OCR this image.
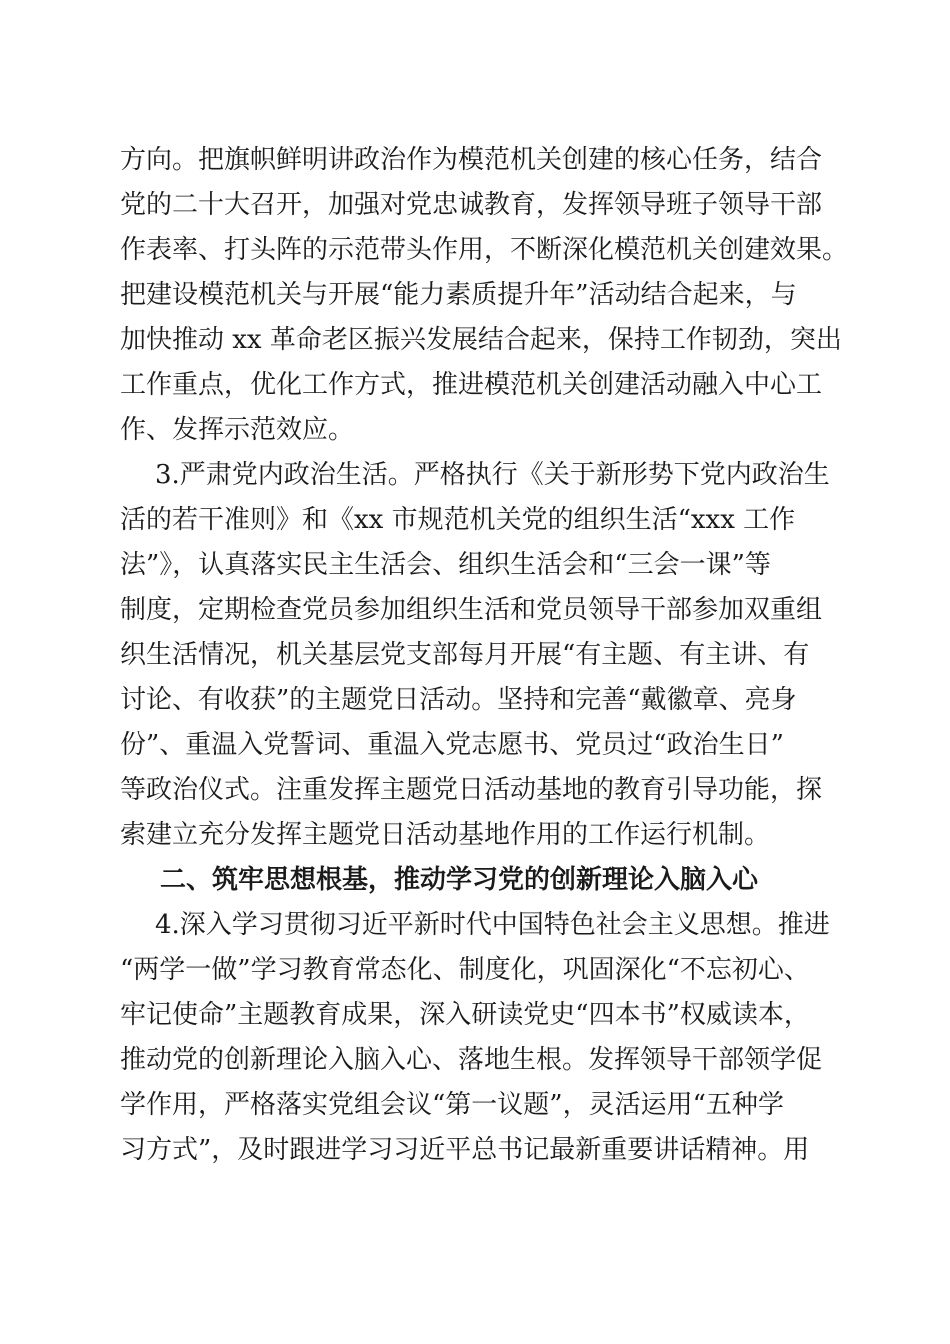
方向。把旗帜鲜明讲政治作为模范机关创建的核心任务，结合
党的二十大召开，加强对党忠诚教育，发挥领导班子领导干部
作表率、打头阵的示范带头作用，不断深化模范机关创建效果。
把建设模范机关与开展“能力素质提升年”活动结合起来，与
加快推动 xx 革命老区振兴发展结合起来，保持工作韧劲，突出
工作重点，优化工作方式，推进模范机关创建活动融入中心工
作、发挥示范效应。
3.严肃党内政治生活。严格执行《关于新形势下党内政治生
活的若干准则》和《xx 市规范机关党的组织生活“xxx 工作
法”》，认真落实民主生活会、组织生活会和“三会一课”等
制度，定期检查党员参加组织生活和党员领导干部参加双重组
织生活情况，机关基层党支部每月开展“有主题、有主讲、有
讨论、有收获”的主题党日活动。坚持和完善“戴徽章、亮身
份”、重温入党誓词、重温入党志愿书、党员过“政治生日”
等政治仪式。注重发挥主题党日活动基地的教育引导功能，探
索建立充分发挥主题党日活动基地作用的工作运行机制。
二、筑牢思想根基，推动学习党的创新理论入脑入心
4.深入学习贯彻习近平新时代中国特色社会主义思想。推进
“两学一做”学习教育常态化、制度化，巩固深化“不忘初心、
牢记使命”主题教育成果，深入研读党史“四本书”权威读本，
推动党的创新理论入脑入心、落地生根。发挥领导干部领学促
学作用，严格落实党组会议“第一议题”，灵活运用“五种学
习方式”，及时跟进学习习近平总书记最新重要讲话精神。用
